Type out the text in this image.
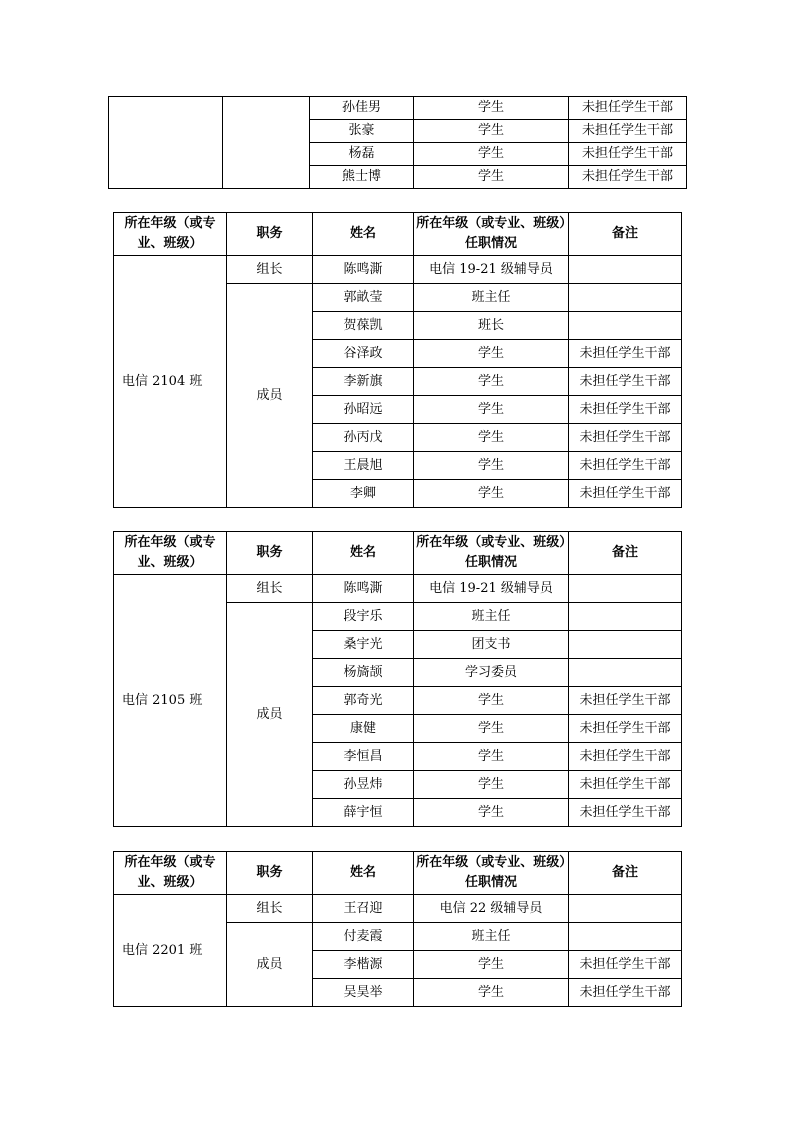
		孙佳男	学生	未担任学生干部
		张豪	学生	未担任学生干部
		杨磊	学生	未担任学生干部
		熊士博	学生	未担任学生干部
所在年级（或专业、班级）	职务	姓名	所在年级（或专业、班级）任职情况	备注
电信 2104 班	组长	陈鸣澌	电信 19-21 级辅导员	
	成员	郭畝莹	班主任	
		贺葆凯	班长	
		谷泽政	学生	未担任学生干部
		李新旗	学生	未担任学生干部
		孙昭远	学生	未担任学生干部
		孙丙戊	学生	未担任学生干部
		王晨旭	学生	未担任学生干部
		李卿	学生	未担任学生干部
所在年级（或专业、班级）	职务	姓名	所在年级（或专业、班级）任职情况	备注
电信 2105 班	组长	陈鸣澌	电信 19-21 级辅导员	
	成员	段宇乐	班主任	
		桑宇光	团支书	
		杨旖颉	学习委员	
		郭奇光	学生	未担任学生干部
		康健	学生	未担任学生干部
		李恒昌	学生	未担任学生干部
		孙昱炜	学生	未担任学生干部
		薛宇恒	学生	未担任学生干部
所在年级（或专业、班级）	职务	姓名	所在年级（或专业、班级）任职情况	备注
电信 2201 班	组长	王召迎	电信 22 级辅导员	
	成员	付麦霞	班主任	
		李楷源	学生	未担任学生干部
		吴昊举	学生	未担任学生干部
